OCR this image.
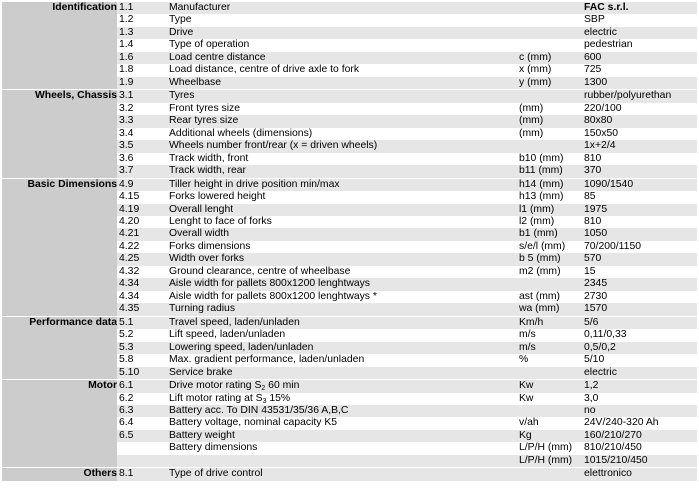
Identification	1.1	Manufacturer		FAC s.r.l.
	1.2	Type		SBP
	1.3	Drive		electric
	1.4	Type of operation		pedestrian
	1.6	Load centre distance	c (mm)	600
	1.8	Load distance, centre of drive axle to fork	x (mm)	725
	1.9	Wheelbase	y (mm)	1300
Wheels, Chassis	3.1	Tyres		rubber/polyurethan
	3.2	Front tyres size	(mm)	220/100
	3.3	Rear tyres size	(mm)	80x80
	3.4	Additional wheels (dimensions)	(mm)	150x50
	3.5	Wheels number front/rear (x = driven wheels)		1x+2/4
	3.6	Track width, front	b10 (mm)	810
	3.7	Track width, rear	b11 (mm)	370
Basic Dimensions	4.9	Tiller height in drive position min/max	h14 (mm)	1090/1540
	4.15	Forks lowered height	h13 (mm)	85
	4.19	Overall lenght	l1 (mm)	1975
	4.20	Lenght to face of forks	l2 (mm)	810
	4.21	Overall width	b1 (mm)	1050
	4.22	Forks dimensions	s/e/l (mm)	70/200/1150
	4.25	Width over forks	b 5 (mm)	570
	4.32	Ground clearance, centre of wheelbase	m2 (mm)	15
	4.34	Aisle width for pallets 800x1200 lenghtways		2345
	4.34	Aisle width for pallets 800x1200 lenghtways *	ast (mm)	2730
	4.35	Turning radius	wa (mm)	1570
Performance data	5.1	Travel speed, laden/unladen	Km/h	5/6
	5.2	Lift speed, laden/unladen	m/s	0,11/0,33
	5.3	Lowering speed, laden/unladen	m/s	0,5/0,2
	5.8	Max. gradient performance, laden/unladen	%	5/10
	5.10	Service brake		electric
Motor	6.1	Drive motor rating $S_2$ 60 min	Kw	1,2
	6.2	Lift motor rating at $S_3$ 15%	Kw	3,0
	6.3	Battery acc. To DIN 43531/35/36 A,B,C		no
	6.4	Battery voltage, nominal capacity K5	v/ah	24V/240-320 Ah
	6.5	Battery weight	Kg	160/210/270
		Battery dimensions	L/P/H (mm)	810/210/450
			L/P/H (mm)	1015/210/450
Others	8.1	Type of drive control		elettronico
